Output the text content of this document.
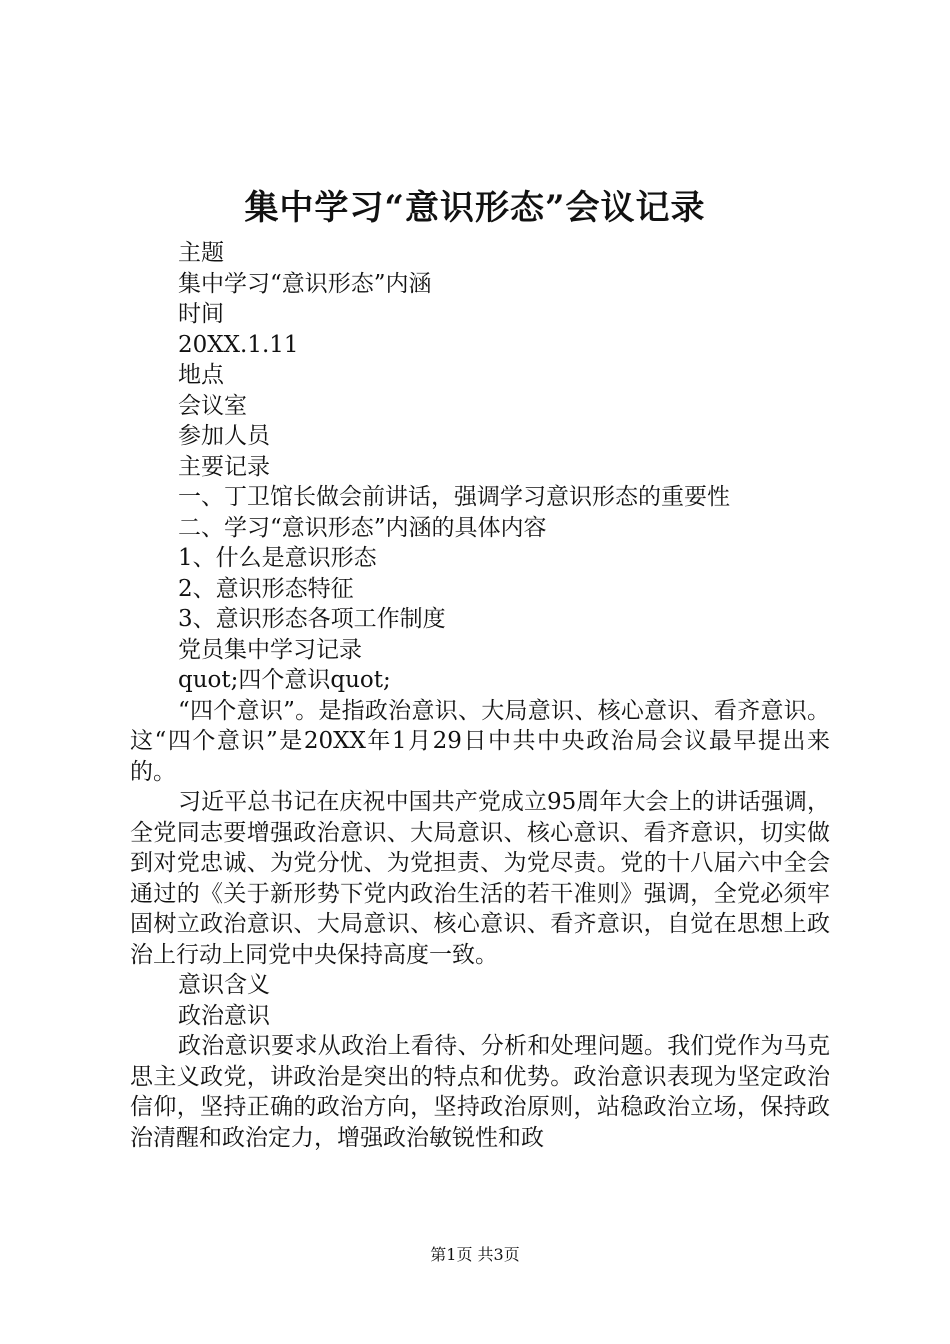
集中学习“意识形态”会议记录
主题
集中学习“意识形态”内涵
时间
20XX.1.11
地点
会议室
参加人员
主要记录
一、丁卫馆长做会前讲话，强调学习意识形态的重要性
二、学习“意识形态”内涵的具体内容
1、什么是意识形态
2、意识形态特征
3、意识形态各项工作制度
党员集中学习记录
quot;四个意识quot;
“四个意识”。是指政治意识、大局意识、核心意识、看齐意识。这“四个意识”是20XX年1月29日中共中央政治局会议最早提出来的。
习近平总书记在庆祝中国共产党成立95周年大会上的讲话强调，全党同志要增强政治意识、大局意识、核心意识、看齐意识，切实做到对党忠诚、为党分忧、为党担责、为党尽责。党的十八届六中全会通过的《关于新形势下党内政治生活的若干准则》强调，全党必须牢固树立政治意识、大局意识、核心意识、看齐意识，自觉在思想上政治上行动上同党中央保持高度一致。
意识含义
政治意识
政治意识要求从政治上看待、分析和处理问题。我们党作为马克思主义政党，讲政治是突出的特点和优势。政治意识表现为坚定政治信仰，坚持正确的政治方向，坚持政治原则，站稳政治立场，保持政治清醒和政治定力，增强政治敏锐性和政
第1页 共3页
